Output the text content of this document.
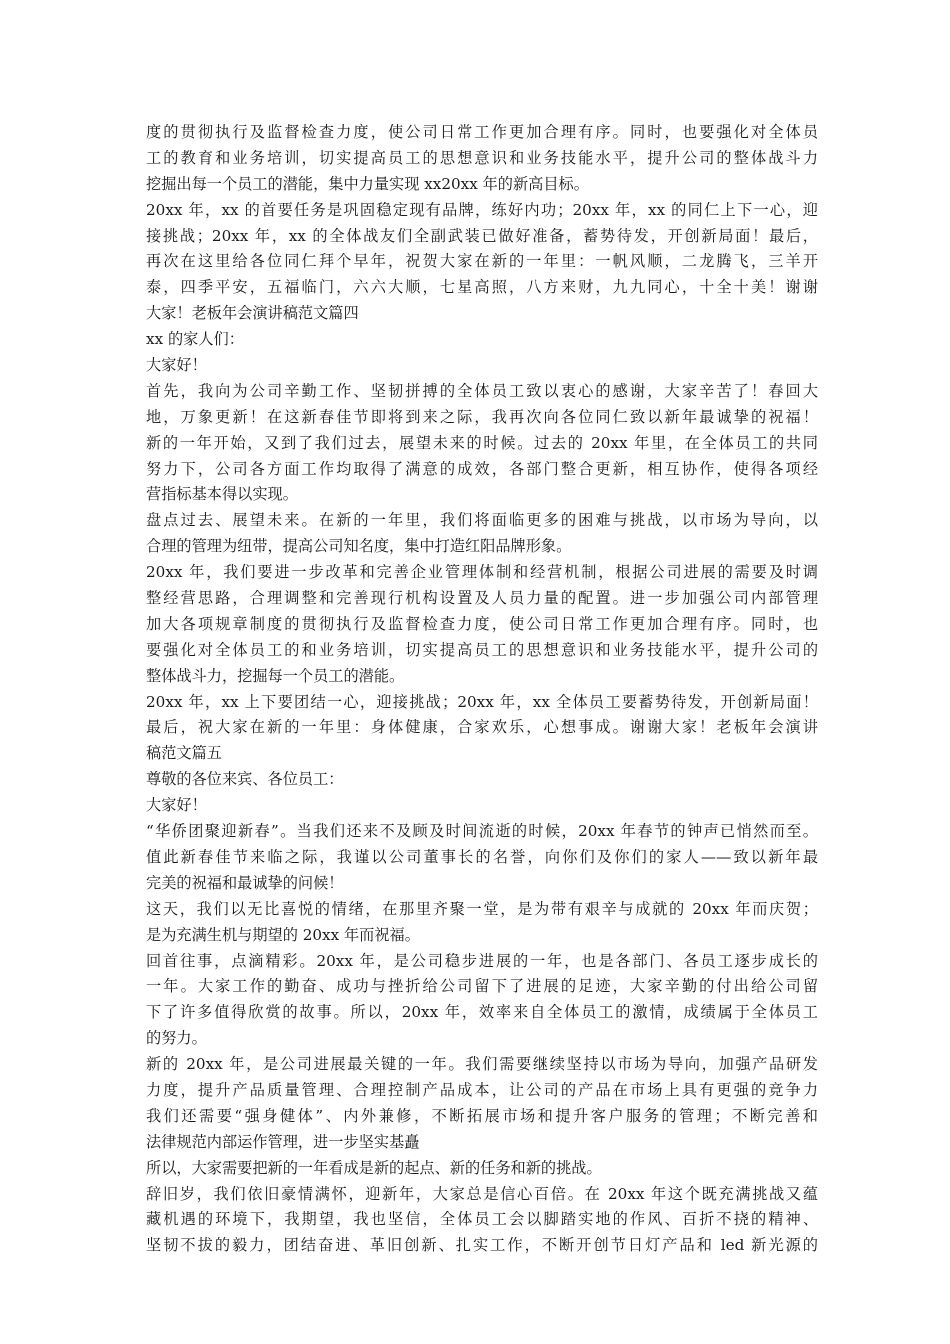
度的贯彻执行及监督检查力度，使公司日常工作更加合理有序。同时，也要强化对全体员
工的教育和业务培训，切实提高员工的思想意识和业务技能水平，提升公司的整体战斗力
挖掘出每一个员工的潜能，集中力量实现 xx20xx 年的新高目标。
20xx 年，xx 的首要任务是巩固稳定现有品牌，练好内功；20xx 年，xx 的同仁上下一心，迎
接挑战；20xx 年，xx 的全体战友们全副武装已做好准备，蓄势待发，开创新局面！最后，
再次在这里给各位同仁拜个早年，祝贺大家在新的一年里：一帆风顺，二龙腾飞，三羊开
泰，四季平安，五福临门，六六大顺，七星高照，八方来财，九九同心，十全十美！谢谢
大家！老板年会演讲稿范文篇四
xx 的家人们：
大家好！
首先，我向为公司辛勤工作、坚韧拼搏的全体员工致以衷心的感谢，大家辛苦了！春回大
地，万象更新！在这新春佳节即将到来之际，我再次向各位同仁致以新年最诚挚的祝福！
新的一年开始，又到了我们过去，展望未来的时候。过去的 20xx 年里，在全体员工的共同
努力下，公司各方面工作均取得了满意的成效，各部门整合更新，相互协作，使得各项经
营指标基本得以实现。
盘点过去、展望未来。在新的一年里，我们将面临更多的困难与挑战，以市场为导向，以
合理的管理为纽带，提高公司知名度，集中打造红阳品牌形象。
20xx 年，我们要进一步改革和完善企业管理体制和经营机制，根据公司进展的需要及时调
整经营思路，合理调整和完善现行机构设置及人员力量的配置。进一步加强公司内部管理
加大各项规章制度的贯彻执行及监督检查力度，使公司日常工作更加合理有序。同时，也
要强化对全体员工的和业务培训，切实提高员工的思想意识和业务技能水平，提升公司的
整体战斗力，挖掘每一个员工的潜能。
20xx 年，xx 上下要团结一心，迎接挑战；20xx 年，xx 全体员工要蓄势待发，开创新局面！
最后，祝大家在新的一年里：身体健康，合家欢乐，心想事成。谢谢大家！老板年会演讲
稿范文篇五
尊敬的各位来宾、各位员工：
大家好！
“华侨团聚迎新春”。当我们还来不及顾及时间流逝的时候，20xx 年春节的钟声已悄然而至。
值此新春佳节来临之际，我谨以公司董事长的名誉，向你们及你们的家人——致以新年最
完美的祝福和最诚挚的问候！
这天，我们以无比喜悦的情绪，在那里齐聚一堂，是为带有艰辛与成就的 20xx 年而庆贺；
是为充满生机与期望的 20xx 年而祝福。
回首往事，点滴精彩。20xx 年，是公司稳步进展的一年，也是各部门、各员工逐步成长的
一年。大家工作的勤奋、成功与挫折给公司留下了进展的足迹，大家辛勤的付出给公司留
下了许多值得欣赏的故事。所以，20xx 年，效率来自全体员工的激情，成绩属于全体员工
的努力。
新的 20xx 年，是公司进展最关键的一年。我们需要继续坚持以市场为导向，加强产品研发
力度，提升产品质量管理、合理控制产品成本，让公司的产品在市场上具有更强的竞争力
我们还需要“强身健体”、内外兼修，不断拓展市场和提升客户服务的管理；不断完善和
法律规范内部运作管理，进一步坚实基矗
所以，大家需要把新的一年看成是新的起点、新的任务和新的挑战。
辞旧岁，我们依旧豪情满怀，迎新年，大家总是信心百倍。在 20xx 年这个既充满挑战又蕴
藏机遇的环境下，我期望，我也坚信，全体员工会以脚踏实地的作风、百折不挠的精神、
坚韧不拔的毅力，团结奋进、革旧创新、扎实工作，不断开创节日灯产品和 led 新光源的
